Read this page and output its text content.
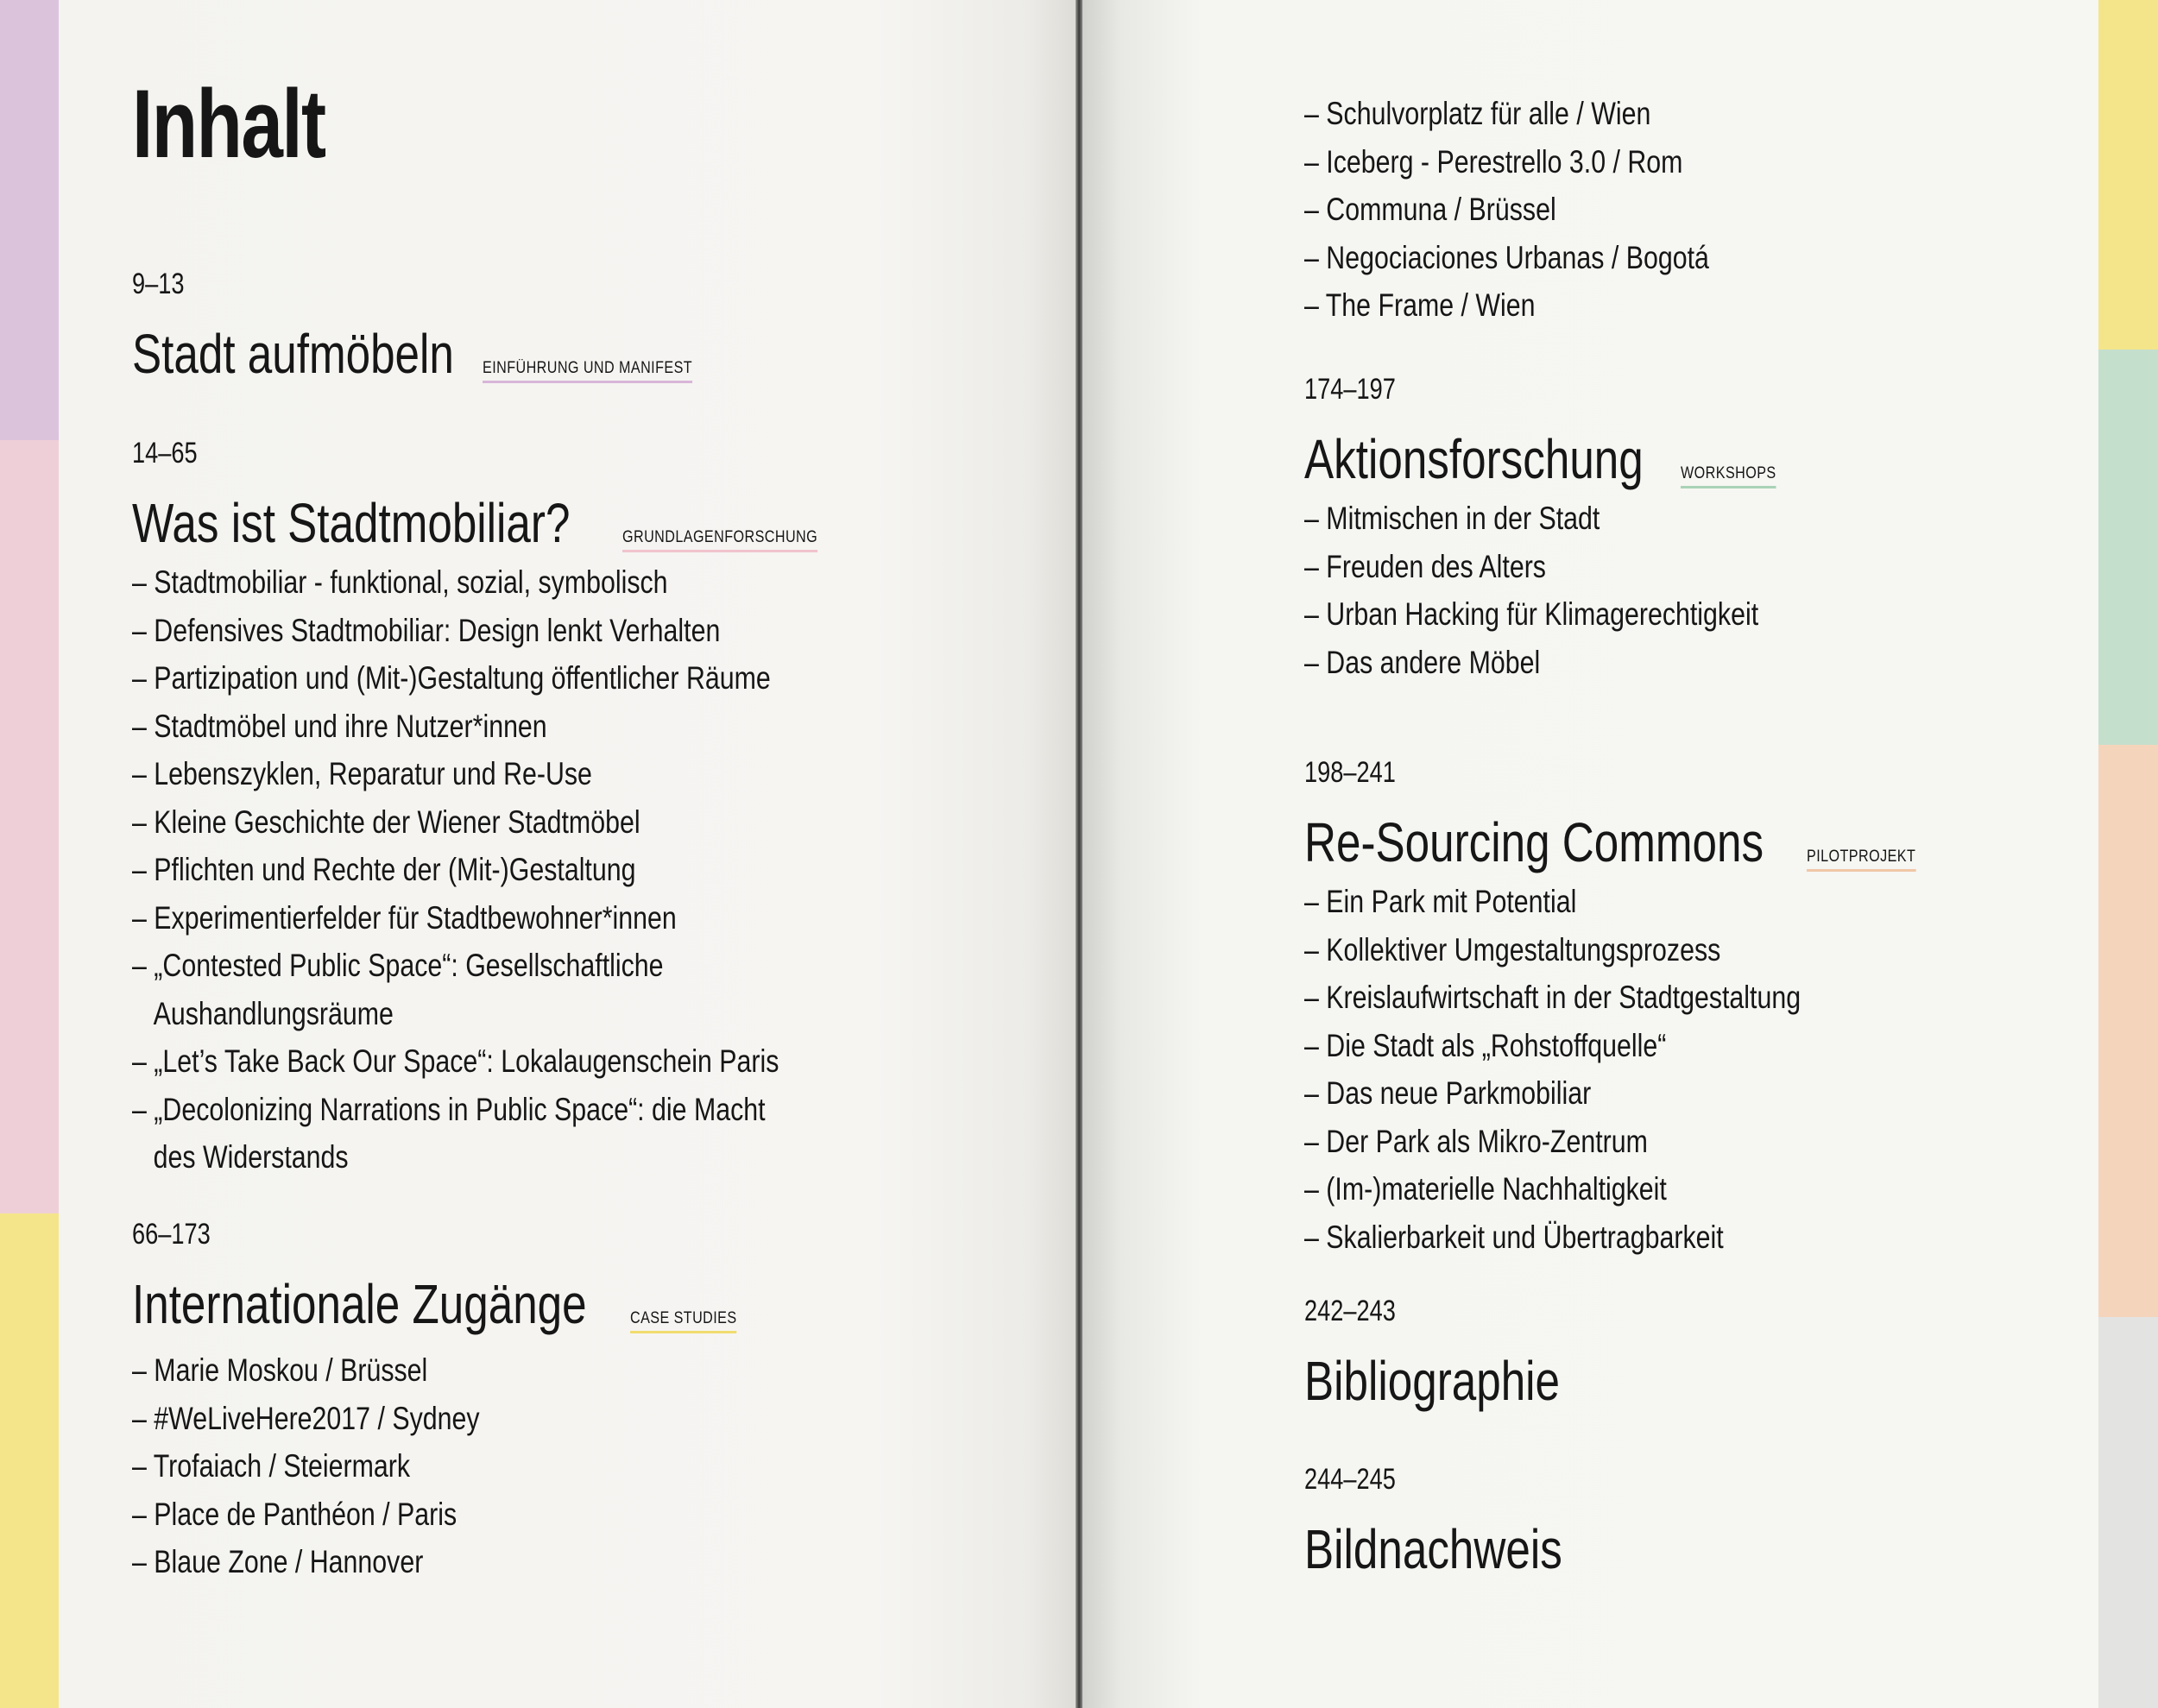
Inhalt
9–13
Stadt aufmöbeln	EINFÜHRUNG UND MANIFEST
14–65
Was ist Stadtmobiliar?	GRUNDLAGENFORSCHUNG
– Stadtmobiliar - funktional, sozial, symbolisch
– Defensives Stadtmobiliar: Design lenkt Verhalten
– Partizipation und (Mit-)Gestaltung öffentlicher Räume
– Stadtmöbel und ihre Nutzer*innen
– Lebenszyklen, Reparatur und Re-Use
– Kleine Geschichte der Wiener Stadtmöbel
– Pflichten und Rechte der (Mit-)Gestaltung
– Experimentierfelder für Stadtbewohner*innen
– „Contested Public Space“: Gesellschaftliche
Aushandlungsräume
– „Let’s Take Back Our Space“: Lokalaugenschein Paris
– „Decolonizing Narrations in Public Space“: die Macht
des Widerstands
66–173
Internationale Zugänge	CASE STUDIES
– Marie Moskou / Brüssel
– #WeLiveHere2017 / Sydney
– Trofaiach / Steiermark
– Place de Panthéon / Paris
– Blaue Zone / Hannover
– Schulvorplatz für alle / Wien
– Iceberg - Perestrello 3.0 / Rom
– Communa / Brüssel
– Negociaciones Urbanas / Bogotá
– The Frame / Wien
174–197
Aktionsforschung	WORKSHOPS
– Mitmischen in der Stadt
– Freuden des Alters
– Urban Hacking für Klimagerechtigkeit
– Das andere Möbel
198–241
Re-Sourcing Commons	PILOTPROJEKT
– Ein Park mit Potential
– Kollektiver Umgestaltungsprozess
– Kreislaufwirtschaft in der Stadtgestaltung
– Die Stadt als „Rohstoffquelle“
– Das neue Parkmobiliar
– Der Park als Mikro-Zentrum
– (Im-)materielle Nachhaltigkeit
– Skalierbarkeit und Übertragbarkeit
242–243
Bibliographie
244–245
Bildnachweis
